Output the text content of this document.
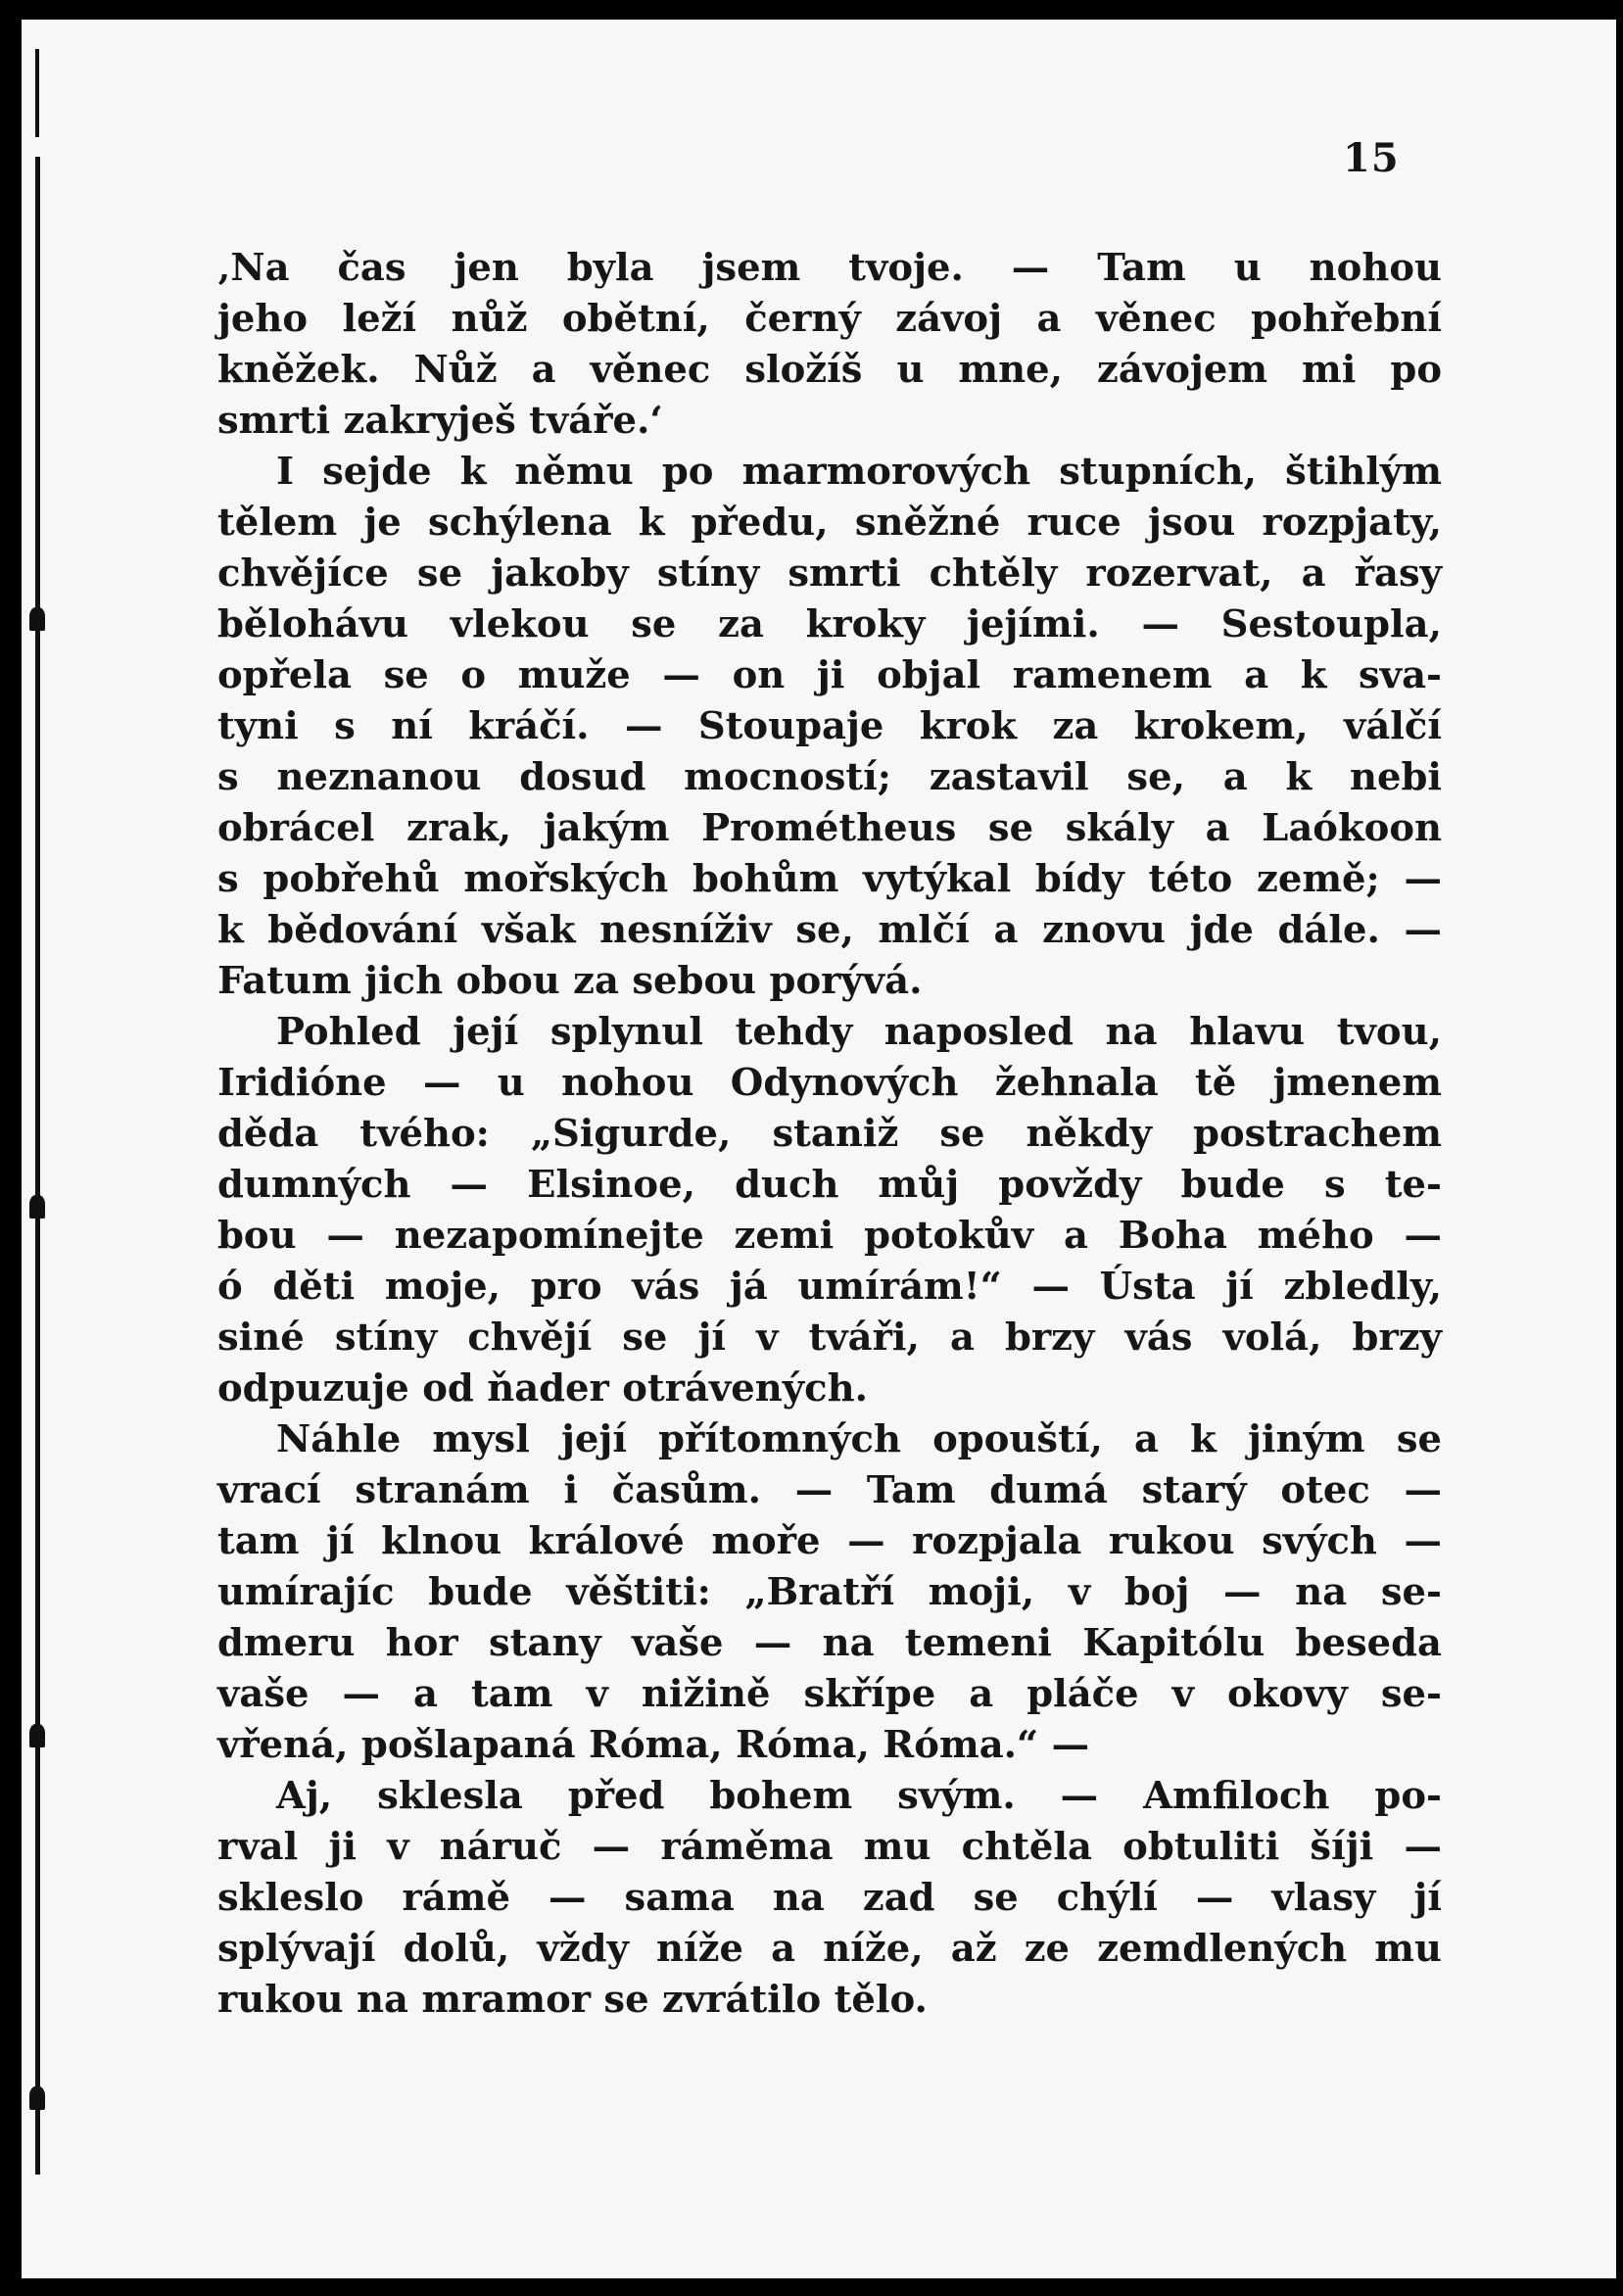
15
‚Na čas jen byla jsem tvoje. — Tam u nohou
jeho leží nůž obětní, černý závoj a věnec pohřební
kněžek. Nůž a věnec složíš u mne, závojem mi po
smrti zakryješ tváře.‘
I sejde k němu po marmorových stupních, štihlým
tělem je schýlena k předu, sněžné ruce jsou rozpjaty,
chvějíce se jakoby stíny smrti chtěly rozervat, a řasy
bělohávu vlekou se za kroky jejími. — Sestoupla,
opřela se o muže — on ji objal ramenem a k sva-
tyni s ní kráčí. — Stoupaje krok za krokem, válčí
s neznanou dosud mocností; zastavil se, a k nebi
obrácel zrak, jakým Prométheus se skály a Laókoon
s pobřehů mořských bohům vytýkal bídy této země; —
k bědování však nesníživ se, mlčí a znovu jde dále. —
Fatum jich obou za sebou porývá.
Pohled její splynul tehdy naposled na hlavu tvou,
Iridióne — u nohou Odynových žehnala tě jmenem
děda tvého: „Sigurde, staniž se někdy postrachem
dumných — Elsinoe, duch můj povždy bude s te-
bou — nezapomínejte zemi potokův a Boha mého —
ó děti moje, pro vás já umírám!“ — Ústa jí zbledly,
siné stíny chvějí se jí v tváři, a brzy vás volá, brzy
odpuzuje od ňader otrávených.
Náhle mysl její přítomných opouští, a k jiným se
vrací stranám i časům. — Tam dumá starý otec —
tam jí klnou králové moře — rozpjala rukou svých —
umírajíc bude věštiti: „Bratří moji, v boj — na se-
dmeru hor stany vaše — na temeni Kapitólu beseda
vaše — a tam v nižině skřípe a pláče v okovy se-
vřená, pošlapaná Róma, Róma, Róma.“ —
Aj, sklesla před bohem svým. — Amfiloch po-
rval ji v náruč — ráměma mu chtěla obtuliti šíji —
skleslo rámě — sama na zad se chýlí — vlasy jí
splývají dolů, vždy níže a níže, až ze zemdlených mu
rukou na mramor se zvrátilo tělo.
